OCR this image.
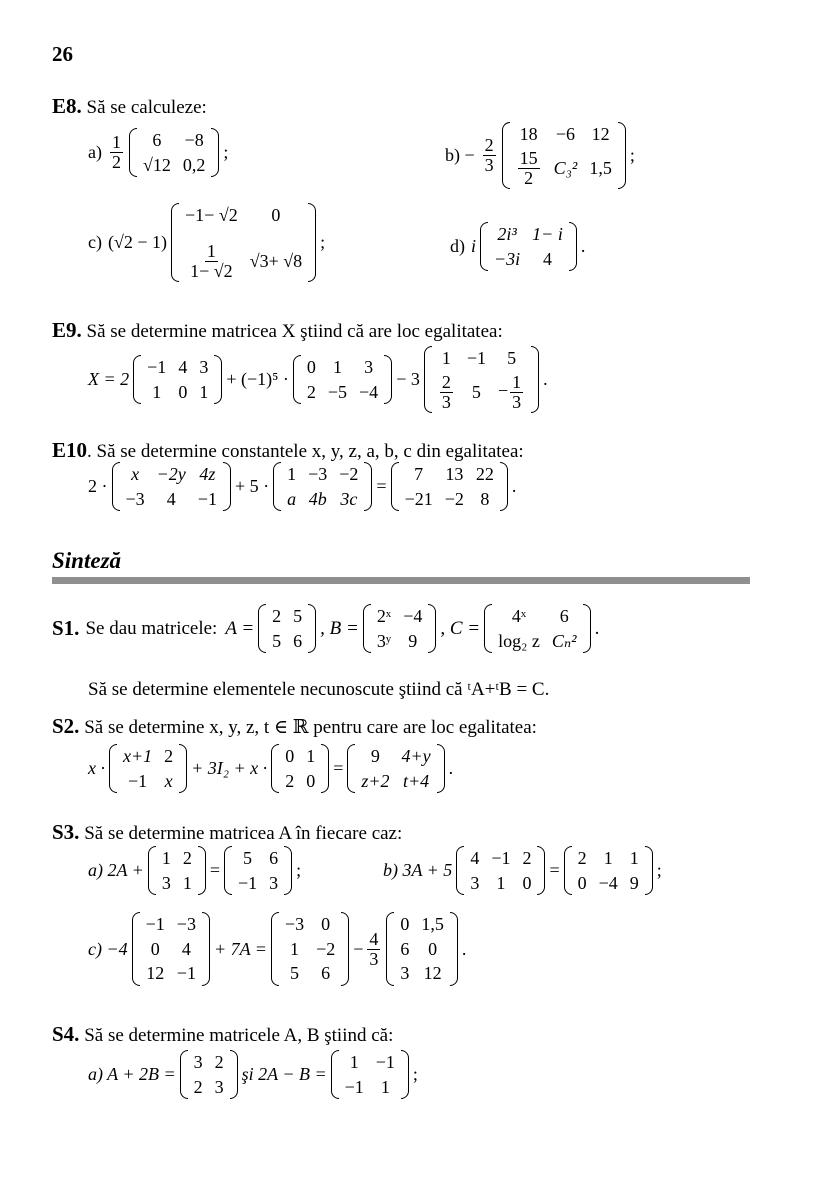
26
E8. Să se calculeze:
$a) \frac{1}{2} 6$	−8
√12	0,2
;	$b) - \frac{2}{3}$
18	−6	12

$\frac{15}{2}$	C₃²	1,5
;
c) (√2 − 1)
−1− √2	0

$\frac{1}{1- √2}$	√3+ √8
;	d) i
2i³	1− i
−3i	4
.
E9. Să se determine matricea X ştiind că are loc egalitatea:
X = 2
−1	4	3
1	0	1
+ (−1)⁵ ·
0	1	3
2	−5	−4
− 3
1	−1	5

$\frac{2}{3}$	5	− $\frac{1}{3}$ .
E10. Să se determine constantele x, y, z, a, b, c din egalitatea:
2 ·
x	−2y	4z
−3	4	−1
+ 5 ·
1	−3	−2
a	4b	3c
=
7	13	22
−21	−2	8
.
Sinteză
S1. Se dau matricele: A =
2	5
5	6
, B =
2ˣ	−4
3ʸ	9
, C =
4ˣ	6
log₂ z	Cₙ²
.
Să se determine elementele necunoscute ştiind că ᵗA+ᵗB = C.
S2. Să se determine x, y, z, t ∈ ℝ pentru care are loc egalitatea:
x ·
x+1	2
−1	x
+ 3I₂ + x ·
0	1
2	0
=
9	4+y
z+2	t+4
.
S3. Să se determine matricea A în fiecare caz:
a) 2A +
1	2
3	1
=
5	6
−1	3
;	b) 3A + 5
4	−1	2
3	1	0
=
2	1	1
0	−4	9
;
c) −4
−1	−3
0	4
12	−1
+ 7A =
−3	0
1	−2
5	6
− $\frac{4}{3}$
0	1,5
6	0
3	12
.
S4. Să se determine matricele A, B ştiind că:
a) A + 2B =
3	2
2	3
şi 2A − B =
1	−1
−1	1
;
